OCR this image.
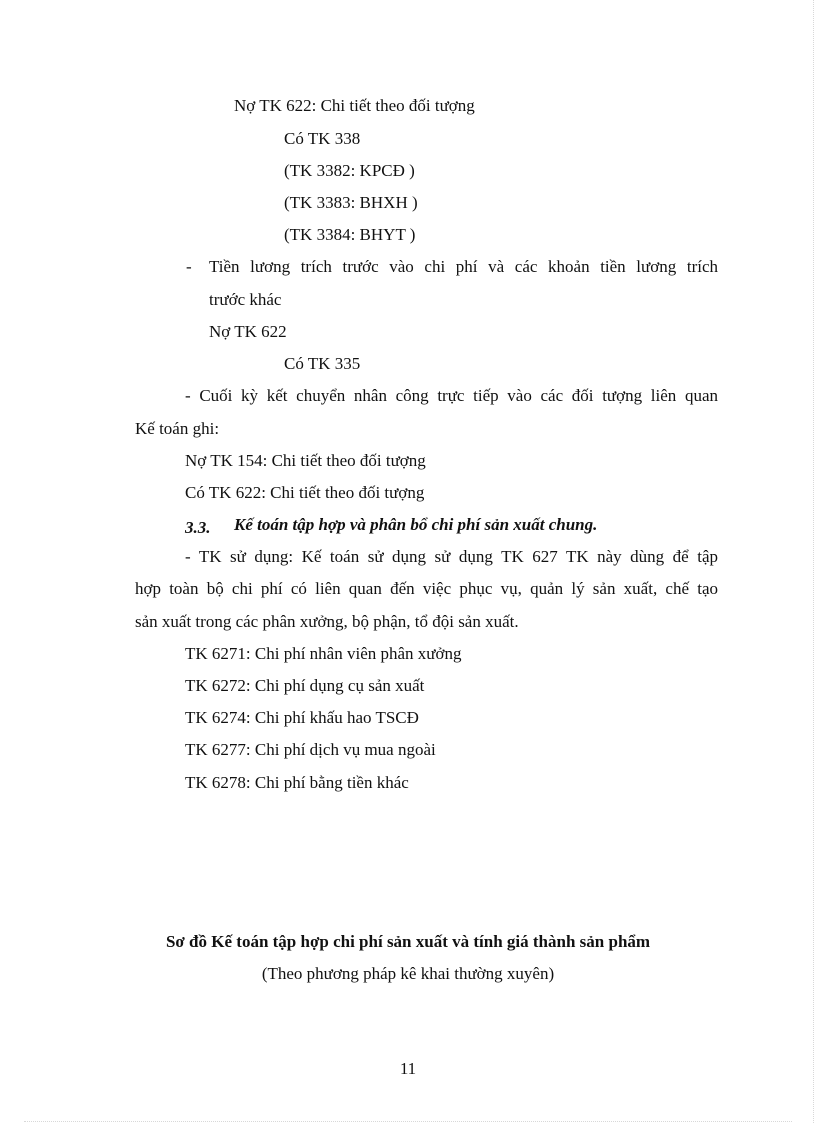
Nợ TK 622: Chi tiết theo đối tượng
Có TK 338
(TK 3382: KPCĐ )
(TK 3383: BHXH )
(TK 3384: BHYT )
- Tiền lương trích trước vào chi phí và các khoản tiền lương trích
trước khác
Nợ TK 622
Có TK 335
- Cuối kỳ kết chuyển nhân công trực tiếp vào các đối tượng liên quan
Kế toán ghi:
Nợ TK 154: Chi tiết theo đối tượng
Có TK 622: Chi tiết theo đối tượng
3.3. Kế toán tập hợp và phân bổ chi phí sản xuất chung.
- TK sử dụng: Kế toán sử dụng sử dụng TK 627 TK này dùng để tập
hợp toàn bộ chi phí có liên quan đến việc phục vụ, quản lý sản xuất, chế tạo
sản xuất trong các phân xưởng, bộ phận, tổ đội sản xuất.
TK 6271: Chi phí nhân viên phân xưởng
TK 6272: Chi phí dụng cụ sản xuất
TK 6274: Chi phí khấu hao TSCĐ
TK 6277: Chi phí dịch vụ mua ngoài
TK 6278: Chi phí bằng tiền khác
Sơ đồ Kế toán tập hợp chi phí sản xuất và tính giá thành sản phẩm
(Theo phương pháp kê khai thường xuyên)
11
